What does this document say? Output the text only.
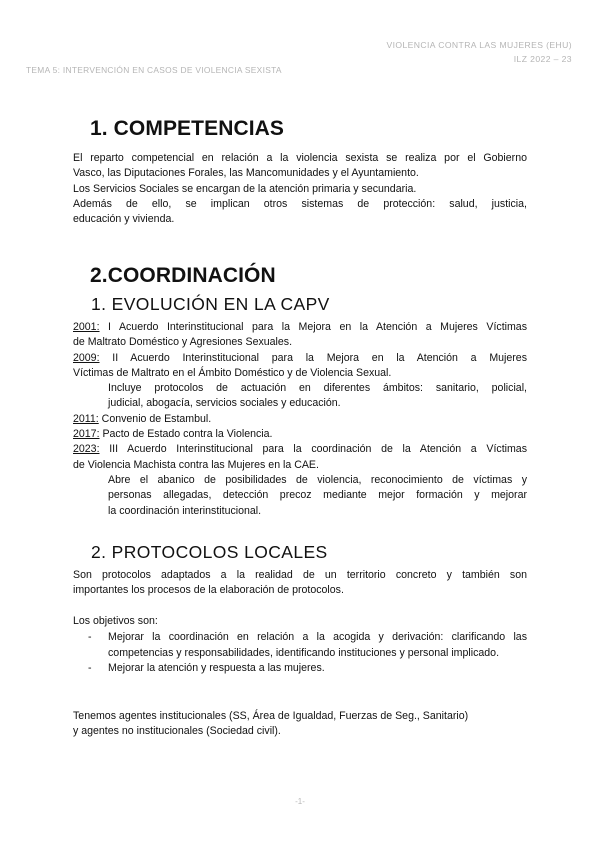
VIOLENCIA CONTRA LAS MUJERES (EHU)
ILZ 2022 – 23
TEMA 5: INTERVENCIÓN EN CASOS DE VIOLENCIA SEXISTA
1. COMPETENCIAS
El reparto competencial en relación a la violencia sexista se realiza por el Gobierno
Vasco, las Diputaciones Forales, las Mancomunidades y el Ayuntamiento.
Los Servicios Sociales se encargan de la atención primaria y secundaria.
Además de ello, se implican otros sistemas de protección: salud, justicia,
educación y vivienda.
2.COORDINACIÓN
1. EVOLUCIÓN EN LA CAPV
2001: I Acuerdo Interinstitucional para la Mejora en la Atención a Mujeres Víctimas
de Maltrato Doméstico y Agresiones Sexuales.
2009: II Acuerdo Interinstitucional para la Mejora en la Atención a Mujeres
Víctimas de Maltrato en el Ámbito Doméstico y de Violencia Sexual.
Incluye protocolos de actuación en diferentes ámbitos: sanitario, policial,
judicial, abogacía, servicios sociales y educación.
2011: Convenio de Estambul.
2017: Pacto de Estado contra la Violencia.
2023: III Acuerdo Interinstitucional para la coordinación de la Atención a Víctimas
de Violencia Machista contra las Mujeres en la CAE.
Abre el abanico de posibilidades de violencia, reconocimiento de víctimas y
personas allegadas, detección precoz mediante mejor formación y mejorar
la coordinación interinstitucional.
2. PROTOCOLOS LOCALES
Son protocolos adaptados a la realidad de un territorio concreto y también son
importantes los procesos de la elaboración de protocolos.
Los objetivos son:
- Mejorar la coordinación en relación a la acogida y derivación: clarificando las competencias y responsabilidades, identificando instituciones y personal implicado.
- Mejorar la atención y respuesta a las mujeres.
Tenemos agentes institucionales (SS, Área de Igualdad, Fuerzas de Seg., Sanitario)
y agentes no institucionales (Sociedad civil).
-1-
